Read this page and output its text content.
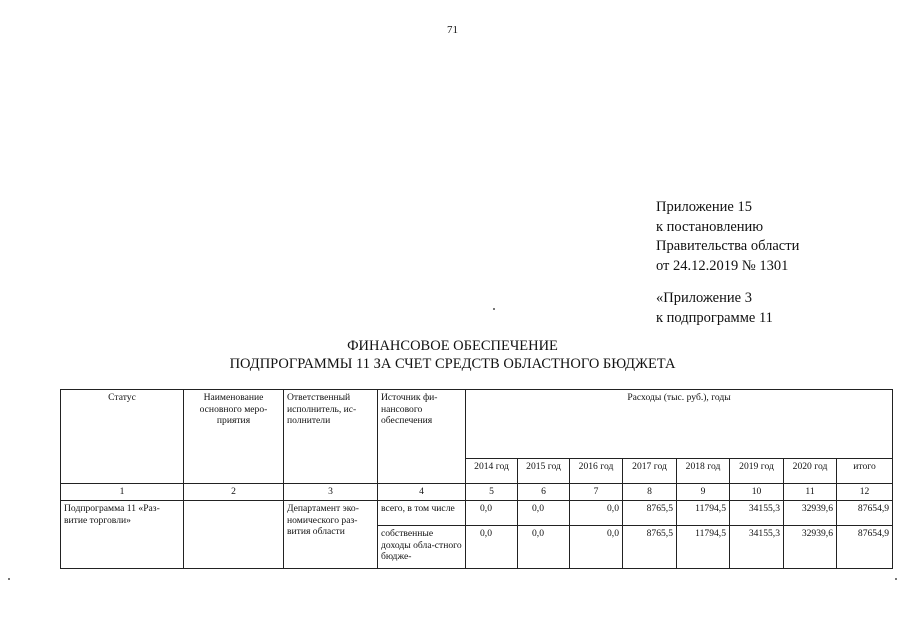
71
Приложение 15
к постановлению
Правительства области
от 24.12.2019 № 1301
«Приложение 3
к подпрограмме 11
ФИНАНСОВОЕ ОБЕСПЕЧЕНИЕ
ПОДПРОГРАММЫ 11 ЗА СЧЕТ СРЕДСТВ ОБЛАСТНОГО БЮДЖЕТА
Статус	Наименование основного меро-приятия	Ответственный исполнитель, ис-полнители	Источник фи-нансового обеспечения	Расходы (тыс. руб.), годы							
				2014 год	2015 год	2016 год	2017 год	2018 год	2019 год	2020 год	итого
1	2	3	4	5	6	7	8	9	10	11	12
Подпрограмма 11 «Раз-витие торговли»		Департамент эко-номического раз-вития области	всего, в том числе	0,0	0,0	0,0	8765,5	11794,5	34155,3	32939,6	87654,9
			собственные доходы обла-стного бюдже-	0,0	0,0	0,0	8765,5	11794,5	34155,3	32939,6	87654,9
